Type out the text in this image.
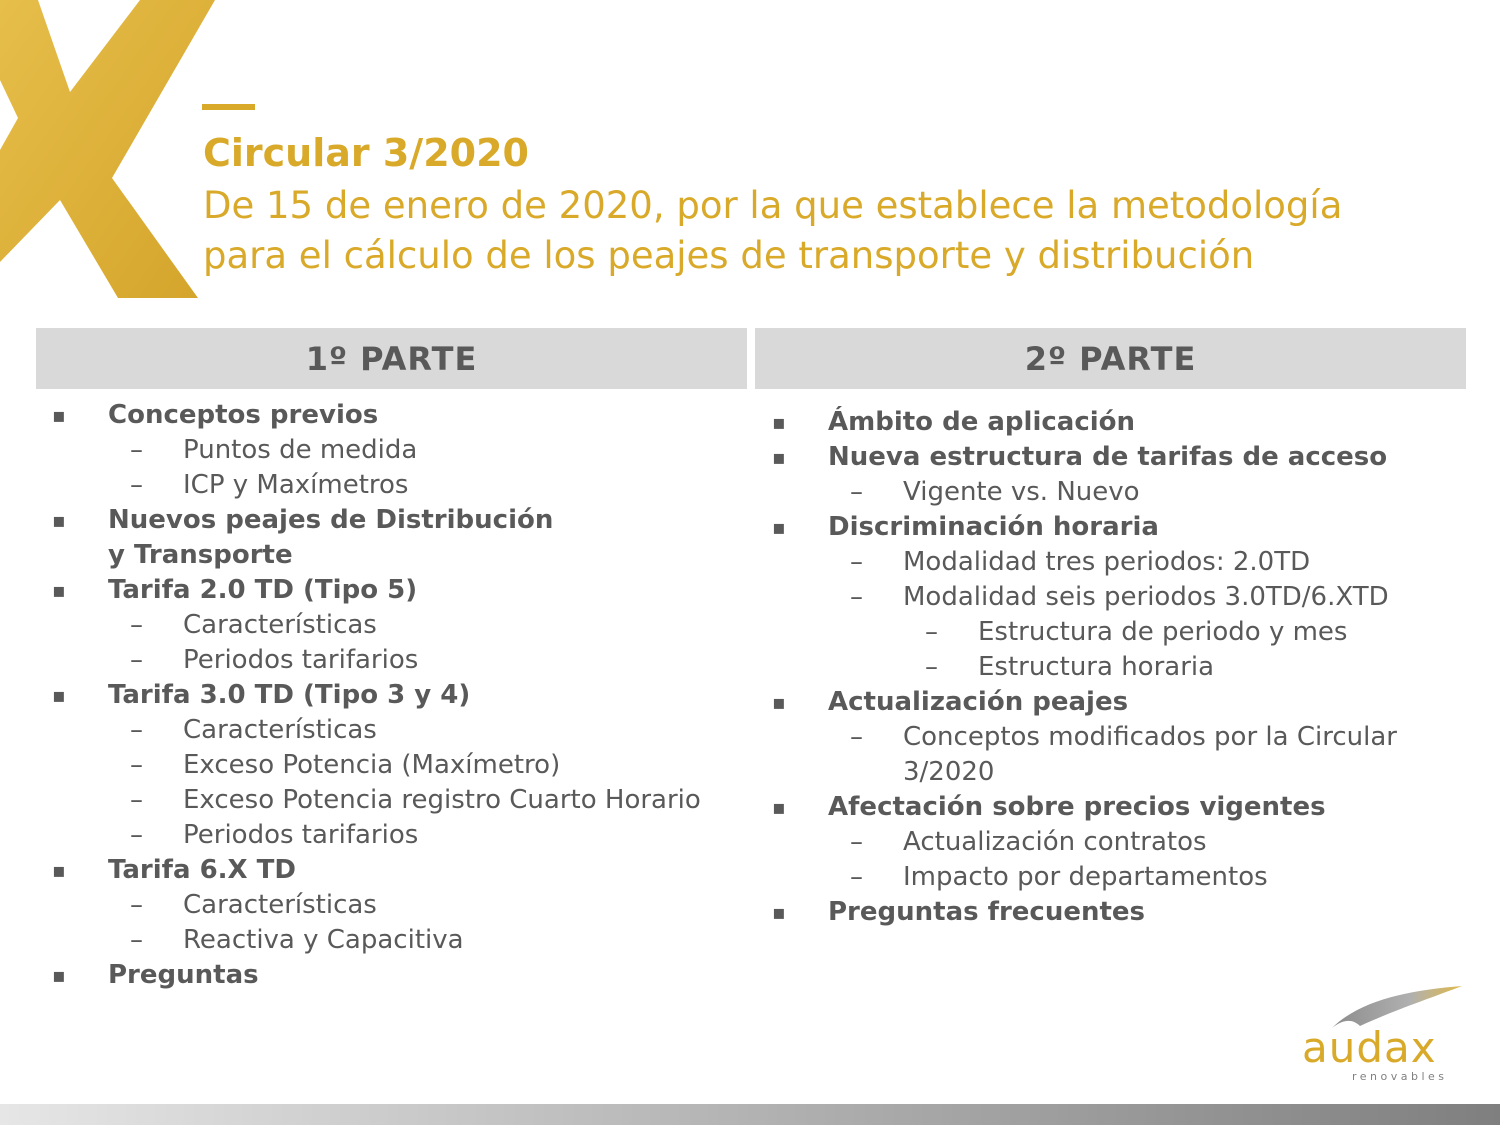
Circular 3/2020

De 15 de enero de 2020, por la que establece la metodología para el cálculo de los peajes de transporte y distribución

1º PARTE	2º PARTE
▪ Conceptos previos
– Puntos de medida
– ICP y Maxímetros
▪ Nuevos peajes de Distribución y Transporte
▪ Tarifa 2.0 TD (Tipo 5)
– Características
– Periodos tarifarios
▪ Tarifa 3.0 TD (Tipo 3 y 4)
– Características
– Exceso Potencia (Maxímetro)
– Exceso Potencia registro Cuarto Horario
– Periodos tarifarios
▪ Tarifa 6.X TD
– Características
– Reactiva y Capacitiva
▪ Preguntas
▪ Ámbito de aplicación
▪ Nueva estructura de tarifas de acceso
– Vigente vs. Nuevo
▪ Discriminación horaria
– Modalidad tres periodos: 2.0TD
– Modalidad seis periodos 3.0TD/6.XTD
– Estructura de periodo y mes
– Estructura horaria
▪ Actualización peajes
– Conceptos modificados por la Circular 3/2020
▪ Afectación sobre precios vigentes
– Actualización contratos
– Impacto por departamentos
▪ Preguntas frecuentes
audax
renovables
